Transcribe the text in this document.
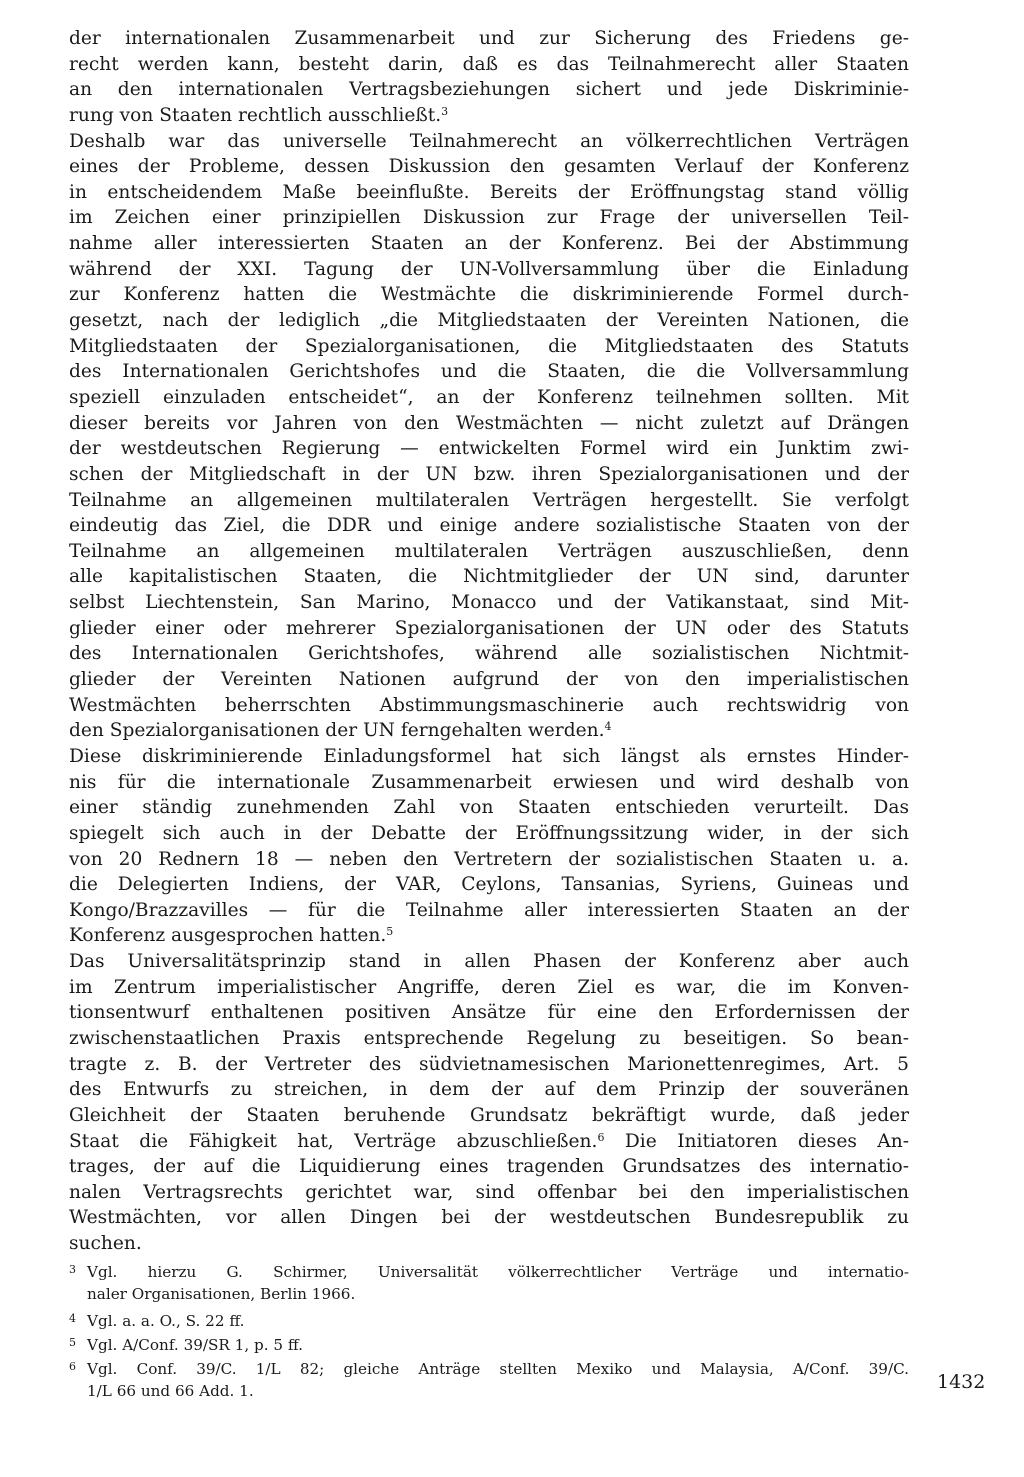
der internationalen Zusammenarbeit und zur Sicherung des Friedens ge-
recht werden kann, besteht darin, daß es das Teilnahmerecht aller Staaten
an den internationalen Vertragsbeziehungen sichert und jede Diskriminie-
rung von Staaten rechtlich ausschließt.$^3$
Deshalb war das universelle Teilnahmerecht an völkerrechtlichen Verträgen
eines der Probleme, dessen Diskussion den gesamten Verlauf der Konferenz
in entscheidendem Maße beeinflußte. Bereits der Eröffnungstag stand völlig
im Zeichen einer prinzipiellen Diskussion zur Frage der universellen Teil-
nahme aller interessierten Staaten an der Konferenz. Bei der Abstimmung
während der XXI. Tagung der UN-Vollversammlung über die Einladung
zur Konferenz hatten die Westmächte die diskriminierende Formel durch-
gesetzt, nach der lediglich „die Mitgliedstaaten der Vereinten Nationen, die
Mitgliedstaaten der Spezialorganisationen, die Mitgliedstaaten des Statuts
des Internationalen Gerichtshofes und die Staaten, die die Vollversammlung
speziell einzuladen entscheidet“, an der Konferenz teilnehmen sollten. Mit
dieser bereits vor Jahren von den Westmächten — nicht zuletzt auf Drängen
der westdeutschen Regierung — entwickelten Formel wird ein Junktim zwi-
schen der Mitgliedschaft in der UN bzw. ihren Spezialorganisationen und der
Teilnahme an allgemeinen multilateralen Verträgen hergestellt. Sie verfolgt
eindeutig das Ziel, die DDR und einige andere sozialistische Staaten von der
Teilnahme an allgemeinen multilateralen Verträgen auszuschließen, denn
alle kapitalistischen Staaten, die Nichtmitglieder der UN sind, darunter
selbst Liechtenstein, San Marino, Monacco und der Vatikanstaat, sind Mit-
glieder einer oder mehrerer Spezialorganisationen der UN oder des Statuts
des Internationalen Gerichtshofes, während alle sozialistischen Nichtmit-
glieder der Vereinten Nationen aufgrund der von den imperialistischen
Westmächten beherrschten Abstimmungsmaschinerie auch rechtswidrig von
den Spezialorganisationen der UN ferngehalten werden.$^4$
Diese diskriminierende Einladungsformel hat sich längst als ernstes Hinder-
nis für die internationale Zusammenarbeit erwiesen und wird deshalb von
einer ständig zunehmenden Zahl von Staaten entschieden verurteilt. Das
spiegelt sich auch in der Debatte der Eröffnungssitzung wider, in der sich
von 20 Rednern 18 — neben den Vertretern der sozialistischen Staaten u. a.
die Delegierten Indiens, der VAR, Ceylons, Tansanias, Syriens, Guineas und
Kongo/Brazzavilles — für die Teilnahme aller interessierten Staaten an der
Konferenz ausgesprochen hatten.$^5$
Das Universalitätsprinzip stand in allen Phasen der Konferenz aber auch
im Zentrum imperialistischer Angriffe, deren Ziel es war, die im Konven-
tionsentwurf enthaltenen positiven Ansätze für eine den Erfordernissen der
zwischenstaatlichen Praxis entsprechende Regelung zu beseitigen. So bean-
tragte z. B. der Vertreter des südvietnamesischen Marionettenregimes, Art. 5
des Entwurfs zu streichen, in dem der auf dem Prinzip der souveränen
Gleichheit der Staaten beruhende Grundsatz bekräftigt wurde, daß jeder
Staat die Fähigkeit hat, Verträge abzuschließen.$^6$ Die Initiatoren dieses An-
trages, der auf die Liquidierung eines tragenden Grundsatzes des internatio-
nalen Vertragsrechts gerichtet war, sind offenbar bei den imperialistischen
Westmächten, vor allen Dingen bei der westdeutschen Bundesrepublik zu
suchen.
3 Vgl. hierzu G. Schirmer, Universalität völkerrechtlicher Verträge und internatio-
naler Organisationen, Berlin 1966.
4 Vgl. a. a. O., S. 22 ff.
5 Vgl. A/Conf. 39/SR 1, p. 5 ff.
6 Vgl. Conf. 39/C. 1/L 82; gleiche Anträge stellten Mexiko und Malaysia, A/Conf. 39/C.
1/L 66 und 66 Add. 1.	1432
